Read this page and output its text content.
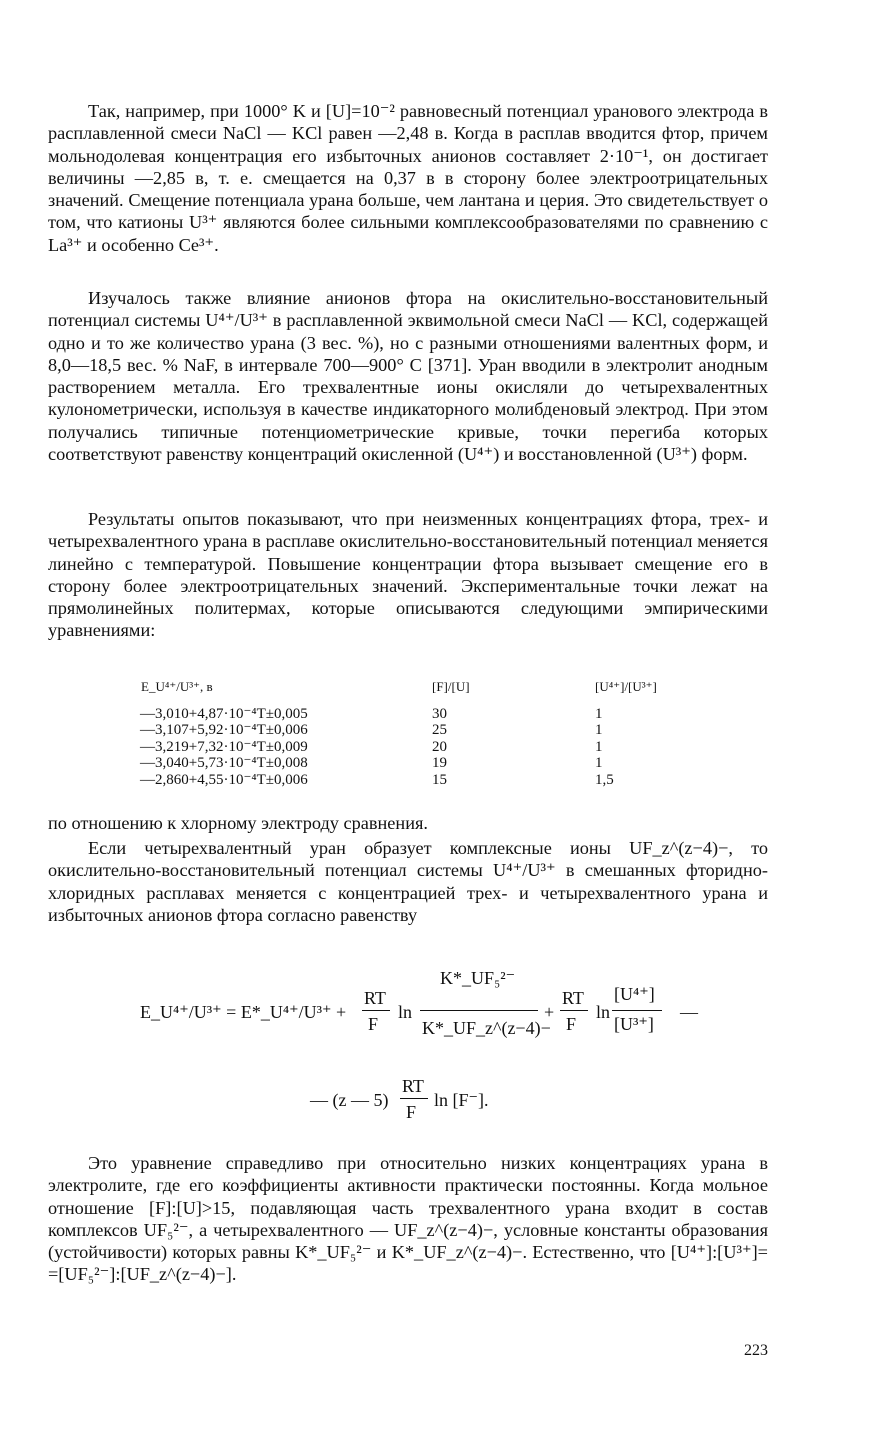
Так, например, при 1000° K и [U]=10⁻² равновесный потенциал уранового электрода в расплавленной смеси NaCl — KCl равен —2,48 в. Когда в расплав вводится фтор, причем мольнодолевая концентрация его избыточных анионов составляет 2·10⁻¹, он достигает величины —2,85 в, т. е. смещается на 0,37 в в сторону более электроотрицательных значений. Смещение потенциала урана больше, чем лантана и церия. Это свидетельствует о том, что катионы U³⁺ являются более сильными комплексообразователями по сравнению с La³⁺ и особенно Ce³⁺.

Изучалось также влияние анионов фтора на окислительно-восстановительный потенциал системы U⁴⁺/U³⁺ в расплавленной эквимольной смеси NaCl — KCl, содержащей одно и то же количество урана (3 вес. %), но с разными отношениями валентных форм, и 8,0—18,5 вес. % NaF, в интервале 700—900° C [371]. Уран вводили в электролит анодным растворением металла. Его трехвалентные ионы окисляли до четырехвалентных кулонометрически, используя в качестве индикаторного молибденовый электрод. При этом получались типичные потенциометрические кривые, точки перегиба которых соответствуют равенству концентраций окисленной (U⁴⁺) и восстановленной (U³⁺) форм.

Результаты опытов показывают, что при неизменных концентрациях фтора, трех- и четырехвалентного урана в расплаве окислительно-восстановительный потенциал меняется линейно с температурой. Повышение концентрации фтора вызывает смещение его в сторону более электроотрицательных значений. Экспериментальные точки лежат на прямолинейных политермах, которые описываются следующими эмпирическими уравнениями:

E_U⁴⁺/U³⁺, в	[F]/[U]	[U⁴⁺]/[U³⁺]
—3,010+4,87·10⁻⁴T±0,005	30	1
—3,107+5,92·10⁻⁴T±0,006	25	1
—3,219+7,32·10⁻⁴T±0,009	20	1
—3,040+5,73·10⁻⁴T±0,008	19	1
—2,860+4,55·10⁻⁴T±0,006	15	1,5

по отношению к хлорному электроду сравнения.

Если четырехвалентный уран образует комплексные ионы UF_z^(z−4)−, то окислительно-восстановительный потенциал системы U⁴⁺/U³⁺ в смешанных фторидно-хлоридных расплавах меняется с концентрацией трех- и четырехвалентного урана и избыточных анионов фтора согласно равенству

E_U⁴⁺/U³⁺ = E*_U⁴⁺/U³⁺ +
RT
F
ln
K*_UF₅²⁻
K*_UF_z^(z−4)−
+
RT
F
ln
[U⁴⁺]
[U³⁺]
—
— (z — 5)
RT
F
ln [F⁻].

Это уравнение справедливо при относительно низких концентрациях урана в электролите, где его коэффициенты активности практически постоянны. Когда мольное отношение [F]:[U]>15, подавляющая часть трехвалентного урана входит в состав комплексов UF₅²⁻, а четырехвалентного — UF_z^(z−4)−, условные константы образования (устойчивости) которых равны K*_UF₅²⁻ и K*_UF_z^(z−4)−. Естественно, что [U⁴⁺]:[U³⁺]= =[UF₅²⁻]:[UF_z^(z−4)−].

223
